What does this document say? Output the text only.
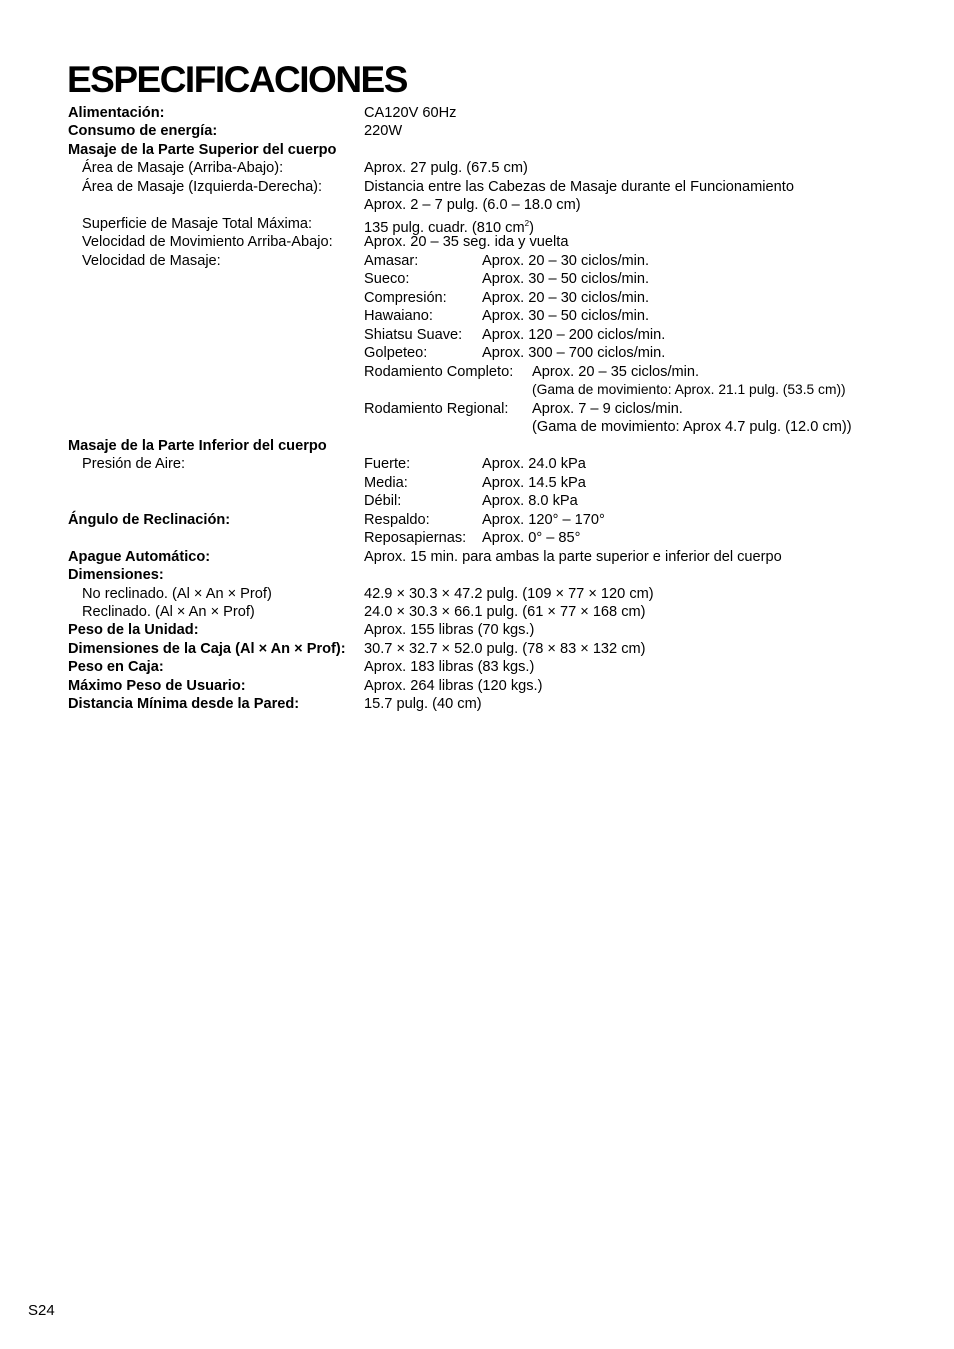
ESPECIFICACIONES
Alimentación:	CA120V 60Hz
Consumo de energía:	220W
Masaje de la Parte Superior del cuerpo
Área de Masaje (Arriba-Abajo):	Aprox. 27 pulg. (67.5 cm)
Área de Masaje (Izquierda-Derecha):	Distancia entre las Cabezas de Masaje durante el Funcionamiento
Aprox. 2 – 7 pulg. (6.0 – 18.0 cm)
Superficie de Masaje Total Máxima:	135 pulg. cuadr. (810 $cm^2$)
Velocidad de Movimiento Arriba-Abajo: Aprox. 20 – 35 seg. ida y vuelta
Velocidad de Masaje:	Amasar:	Aprox. 20 – 30 ciclos/min.
Sueco:	Aprox. 30 – 50 ciclos/min.
Compresión: Aprox. 20 – 30 ciclos/min.
Hawaiano:	Aprox. 30 – 50 ciclos/min.
Shiatsu Suave: Aprox. 120 – 200 ciclos/min.
Golpeteo:	Aprox. 300 – 700 ciclos/min.
Rodamiento Completo: Aprox. 20 – 35 ciclos/min.
(Gama de movimiento: Aprox. 21.1 pulg. (53.5 cm))
Rodamiento Regional: Aprox. 7 – 9 ciclos/min.
(Gama de movimiento: Aprox 4.7 pulg. (12.0 cm))
Masaje de la Parte Inferior del cuerpo
Presión de Aire:	Fuerte:	Aprox. 24.0 kPa
Media:	Aprox. 14.5 kPa
Débil:	Aprox. 8.0 kPa
Ángulo de Reclinación:	Respaldo:	Aprox. 120° – 170°
Reposapiernas: Aprox. 0° – 85°
Apague Automático:	Aprox. 15 min. para ambas la parte superior e inferior del cuerpo
Dimensiones:
No reclinado. (Al × An × Prof)	42.9 × 30.3 × 47.2 pulg. (109 × 77 × 120 cm)
Reclinado. (Al × An × Prof)	24.0 × 30.3 × 66.1 pulg. (61 × 77 × 168 cm)
Peso de la Unidad:	Aprox. 155 libras (70 kgs.)
Dimensiones de la Caja (Al × An × Prof): 30.7 × 32.7 × 52.0 pulg. (78 × 83 × 132 cm)
Peso en Caja:	Aprox. 183 libras (83 kgs.)
Máximo Peso de Usuario:	Aprox. 264 libras (120 kgs.)
Distancia Mínima desde la Pared:	15.7 pulg. (40 cm)
S24
